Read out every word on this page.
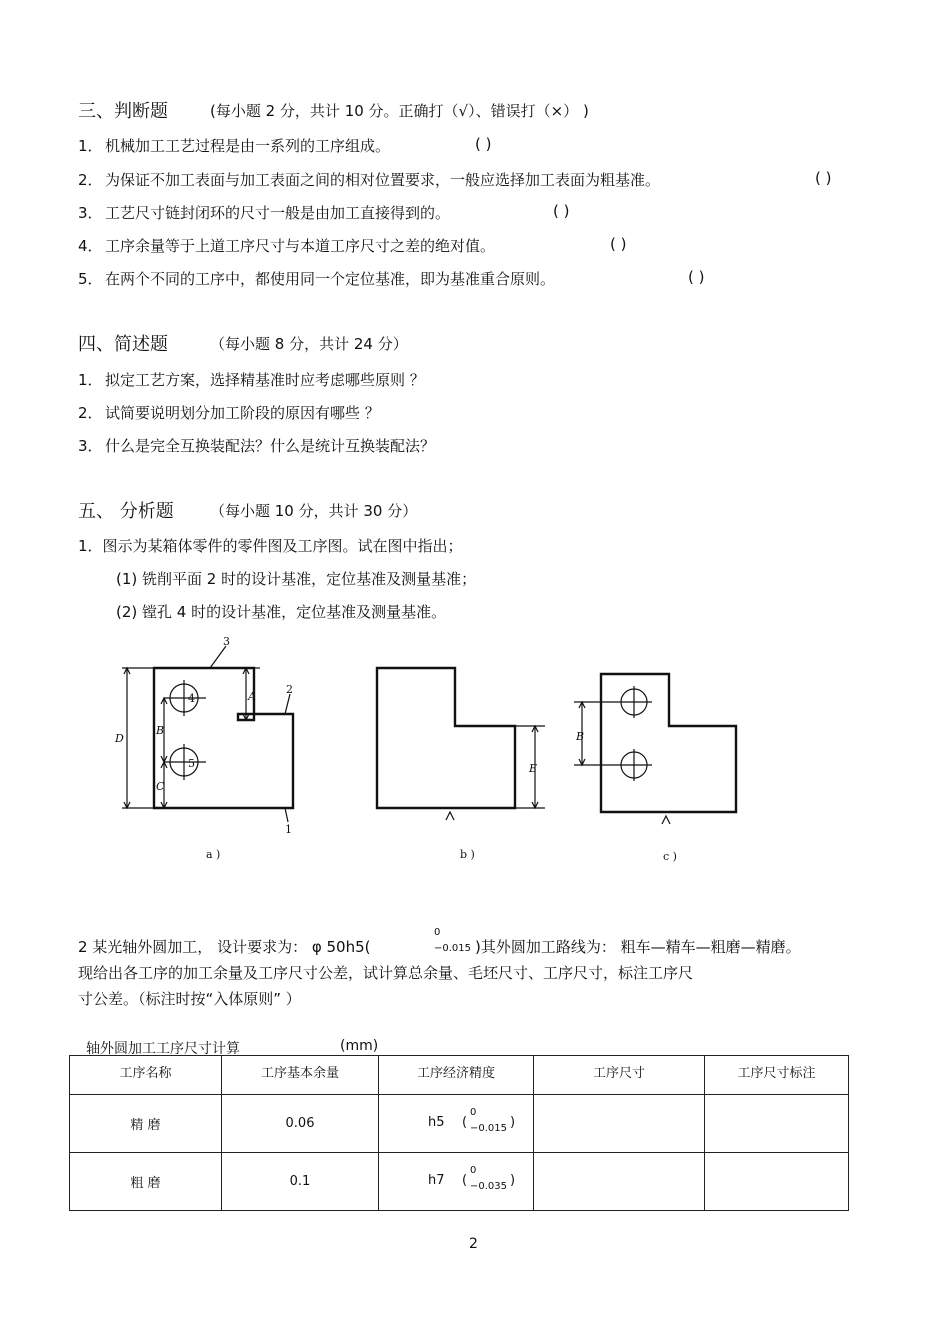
三、判断题	(每小题 2 分，共计 10 分。正确打（√）、错误打（×） )
1． 机械加工工艺过程是由一系列的工序组成。	( )
2． 为保证不加工表面与加工表面之间的相对位置要求，一般应选择加工表面为粗基准。	( )
3． 工艺尺寸链封闭环的尺寸一般是由加工直接得到的。	( )
4． 工序余量等于上道工序尺寸与本道工序尺寸之差的绝对值。	( )
5． 在两个不同的工序中，都使用同一个定位基准，即为基准重合原则。	( )
四、简述题	（每小题 8 分，共计 24 分）
1． 拟定工艺方案，选择精基准时应考虑哪些原则 ？
2． 试简要说明划分加工阶段的原因有哪些 ？
3． 什么是完全互换装配法？什么是统计互换装配法？
五、 分析题 （每小题 10 分，共计 30 分）
1．图示为某箱体零件的零件图及工序图。试在图中指出；
(1) 铣削平面 2 时的设计基准，定位基准及测量基准；
(2) 镗孔 4 时的设计基准，定位基准及测量基准。
D
B
C
A
3
2
1
4
5
a )
E
b )
B
c )
2 某光轴外圆加工， 设计要求为： φ 50h5(
0
−0.015 )其外圆加工路线为： 粗车—精车—粗磨—精磨。
现给出各工序的加工余量及工序尺寸公差，试计算总余量、毛坯尺寸、工序尺寸，标注工序尺
寸公差。（标注时按“入体原则” ）
轴外圆加工工序尺寸计算	(mm)
工序名称	工序基本余量	工序经济精度	工序尺寸	工序尺寸标注
精 磨	0.06	h5 (
0
−0.015 )		

粗 磨	0.1	h7 (
0
−0.035 )		

2
